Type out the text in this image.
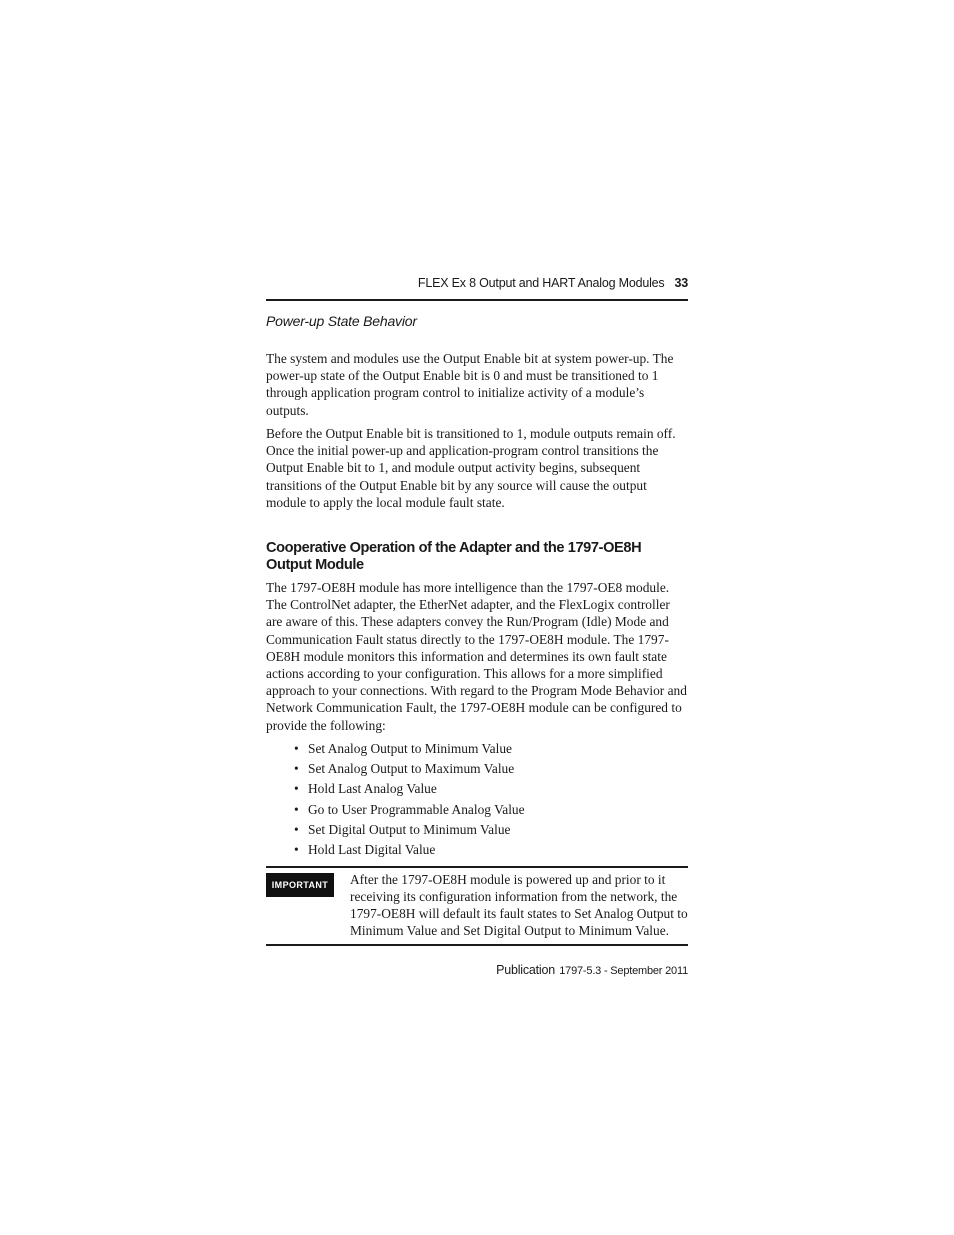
FLEX Ex 8 Output and HART Analog Modules 33
Power-up State Behavior

The system and modules use the Output Enable bit at system power-up. The power-up state of the Output Enable bit is 0 and must be transitioned to 1 through application program control to initialize activity of a module’s outputs.

Before the Output Enable bit is transitioned to 1, module outputs remain off. Once the initial power-up and application-program control transitions the Output Enable bit to 1, and module output activity begins, subsequent transitions of the Output Enable bit by any source will cause the output module to apply the local module fault state.

Cooperative Operation of the Adapter and the 1797-OE8H Output Module

The 1797-OE8H module has more intelligence than the 1797-OE8 module. The ControlNet adapter, the EtherNet adapter, and the FlexLogix controller are aware of this. These adapters convey the Run/Program (Idle) Mode and Communication Fault status directly to the 1797-OE8H module. The 1797-OE8H module monitors this information and determines its own fault state actions according to your configuration. This allows for a more simplified approach to your connections. With regard to the Program Mode Behavior and Network Communication Fault, the 1797-OE8H module can be configured to provide the following:

• Set Analog Output to Minimum Value
• Set Analog Output to Maximum Value
• Hold Last Analog Value
• Go to User Programmable Analog Value
• Set Digital Output to Minimum Value
• Hold Last Digital Value
IMPORTANT	After the 1797-OE8H module is powered up and prior to it receiving its configuration information from the network, the 1797-OE8H will default its fault states to Set Analog Output to Minimum Value and Set Digital Output to Minimum Value.

Publication 1797-5.3 - September 2011
